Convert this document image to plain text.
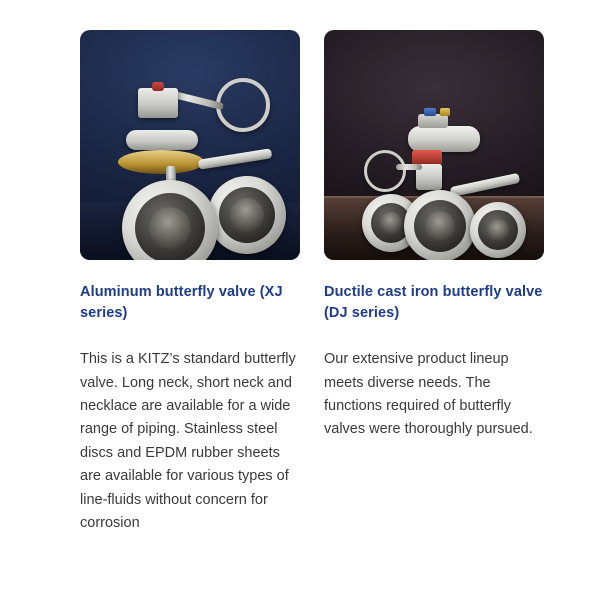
Aluminum butterfly valve (XJ series)
This is a KITZ’s standard butterfly valve. Long neck, short neck and necklace are available for a wide range of piping. Stainless steel discs and EPDM rubber sheets are available for various types of line-fluids without concern for corrosion
Ductile cast iron butterfly valve (DJ series)
Our extensive product lineup meets diverse needs. The functions required of butterfly valves were thoroughly pursued.
